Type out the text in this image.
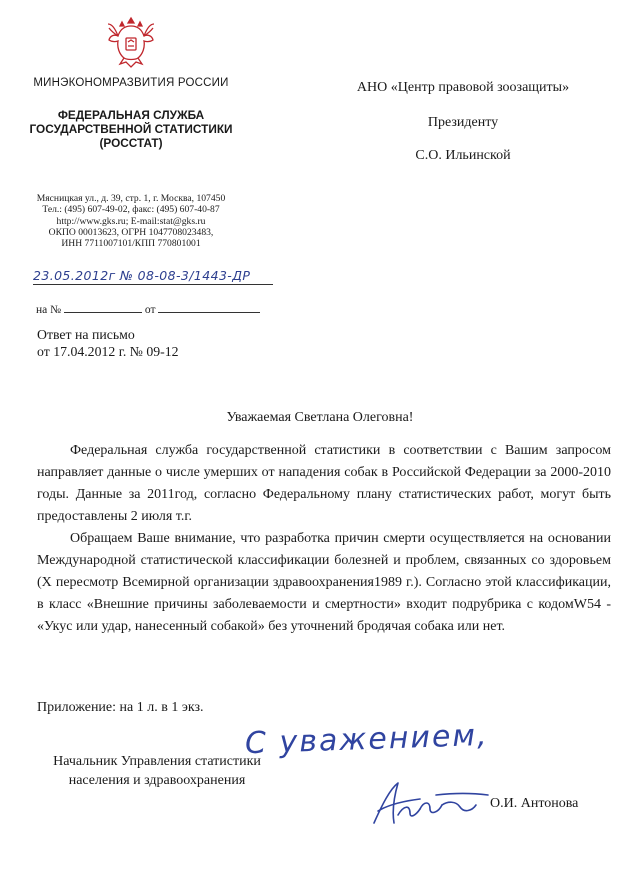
МИНЭКОНОМРАЗВИТИЯ РОССИИ
ФЕДЕРАЛЬНАЯ СЛУЖБА
ГОСУДАРСТВЕННОЙ СТАТИСТИКИ
(РОССТАТ)
Мясницкая ул., д. 39, стр. 1, г. Москва, 107450
Тел.: (495) 607-49-02, факс: (495) 607-40-87
http://www.gks.ru; E-mail:stat@gks.ru
ОКПО 00013623, ОГРН 1047708023483,
ИНН 7711007101/КПП 770801001
23.05.2012г № 08-08-3/1443-ДР
на №	от
Ответ на письмо
от 17.04.2012 г. № 09-12
АНО «Центр правовой зоозащиты»
Президенту
С.О. Ильинской
Уважаемая Светлана Олеговна!

Федеральная служба государственной статистики в соответствии с Вашим запросом направляет данные о числе умерших от нападения собак в Российской Федерации за 2000-2010 годы. Данные за 2011год, согласно Федеральному плану статистических работ, могут быть предоставлены 2 июля т.г.

Обращаем Ваше внимание, что разработка причин смерти осуществляется на основании Международной статистической классификации болезней и проблем, связанных со здоровьем (X пересмотр Всемирной организации здравоохранения1989 г.). Согласно этой классификации, в класс «Внешние причины заболеваемости и смертности» входит подрубрика с кодомW54 - «Укус или удар, нанесенный собакой» без уточнений бродячая собака или нет.

Приложение: на 1 л. в 1 экз.
С уважением,
Начальник Управления статистики
населения и здравоохранения
О.И. Антонова
